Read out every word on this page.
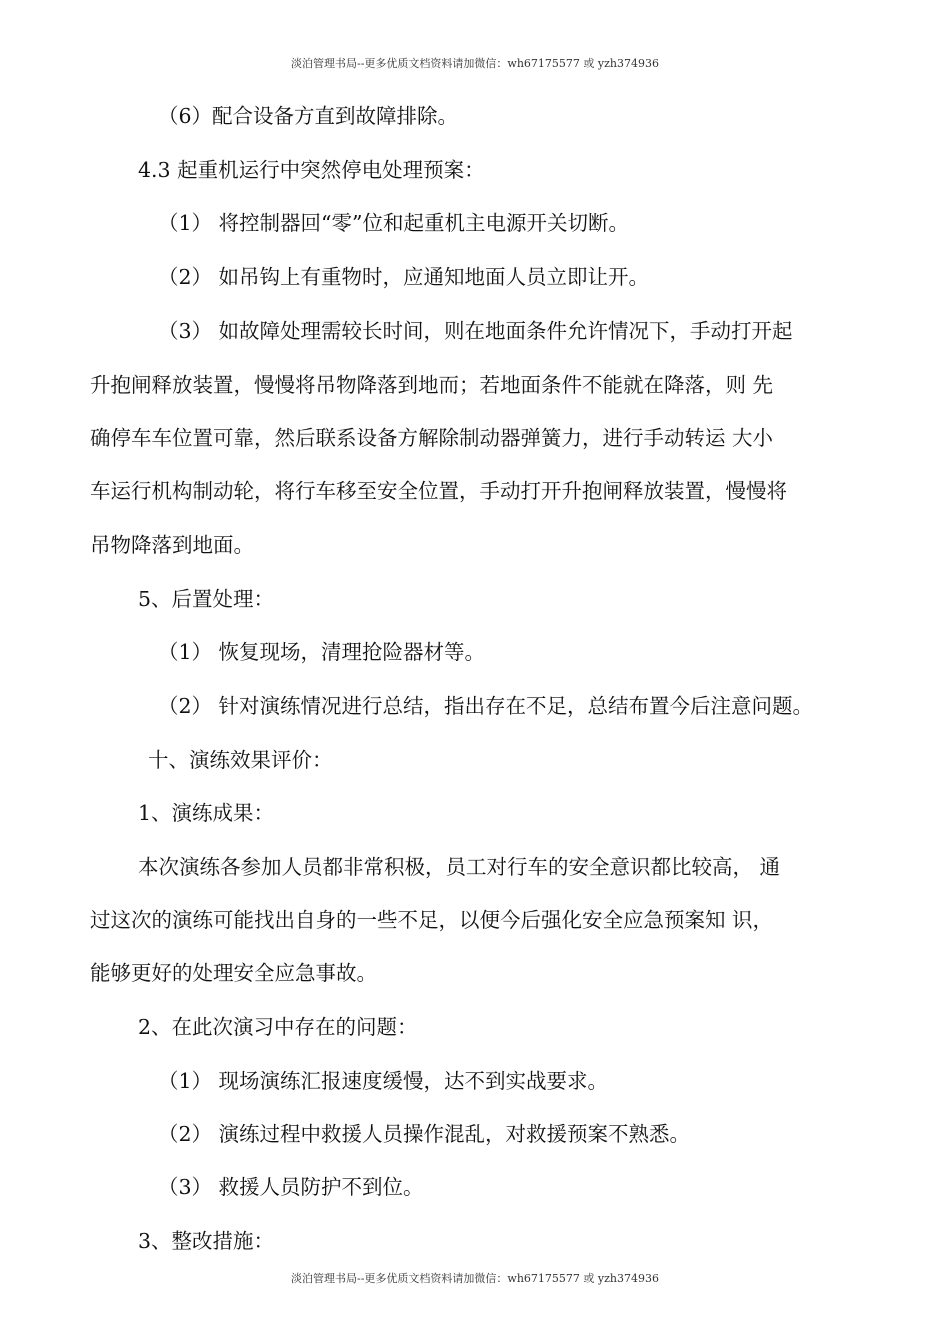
淡泊管理书局--更多优质文档资料请加微信：wh67175577 或 yzh374936
（6）配合设备方直到故障排除。
4.3 起重机运行中突然停电处理预案：
（1） 将控制器回“零”位和起重机主电源开关切断。
（2） 如吊钩上有重物时，应通知地面人员立即让开。
（3） 如故障处理需较长时间，则在地面条件允许情况下，手动打开起
升抱闸释放装置，慢慢将吊物降落到地而；若地面条件不能就在降落，则 先
确停车车位置可靠，然后联系设备方解除制动器弹簧力，进行手动转运 大小
车运行机构制动轮，将行车移至安全位置，手动打开升抱闸释放装置，慢慢将
吊物降落到地面。
5、后置处理：
（1） 恢复现场，清理抢险器材等。
（2） 针对演练情况进行总结，指出存在不足，总结布置今后注意问题。
十、演练效果评价：
1、演练成果：
本次演练各参加人员都非常积极，员工对行车的安全意识都比较高， 通
过这次的演练可能找出自身的一些不足，以便今后强化安全应急预案知 识，
能够更好的处理安全应急事故。
2、在此次演习中存在的问题：
（1） 现场演练汇报速度缓慢，达不到实战要求。
（2） 演练过程中救援人员操作混乱，对救援预案不熟悉。
（3） 救援人员防护不到位。
3、整改措施：
淡泊管理书局--更多优质文档资料请加微信：wh67175577 或 yzh374936
